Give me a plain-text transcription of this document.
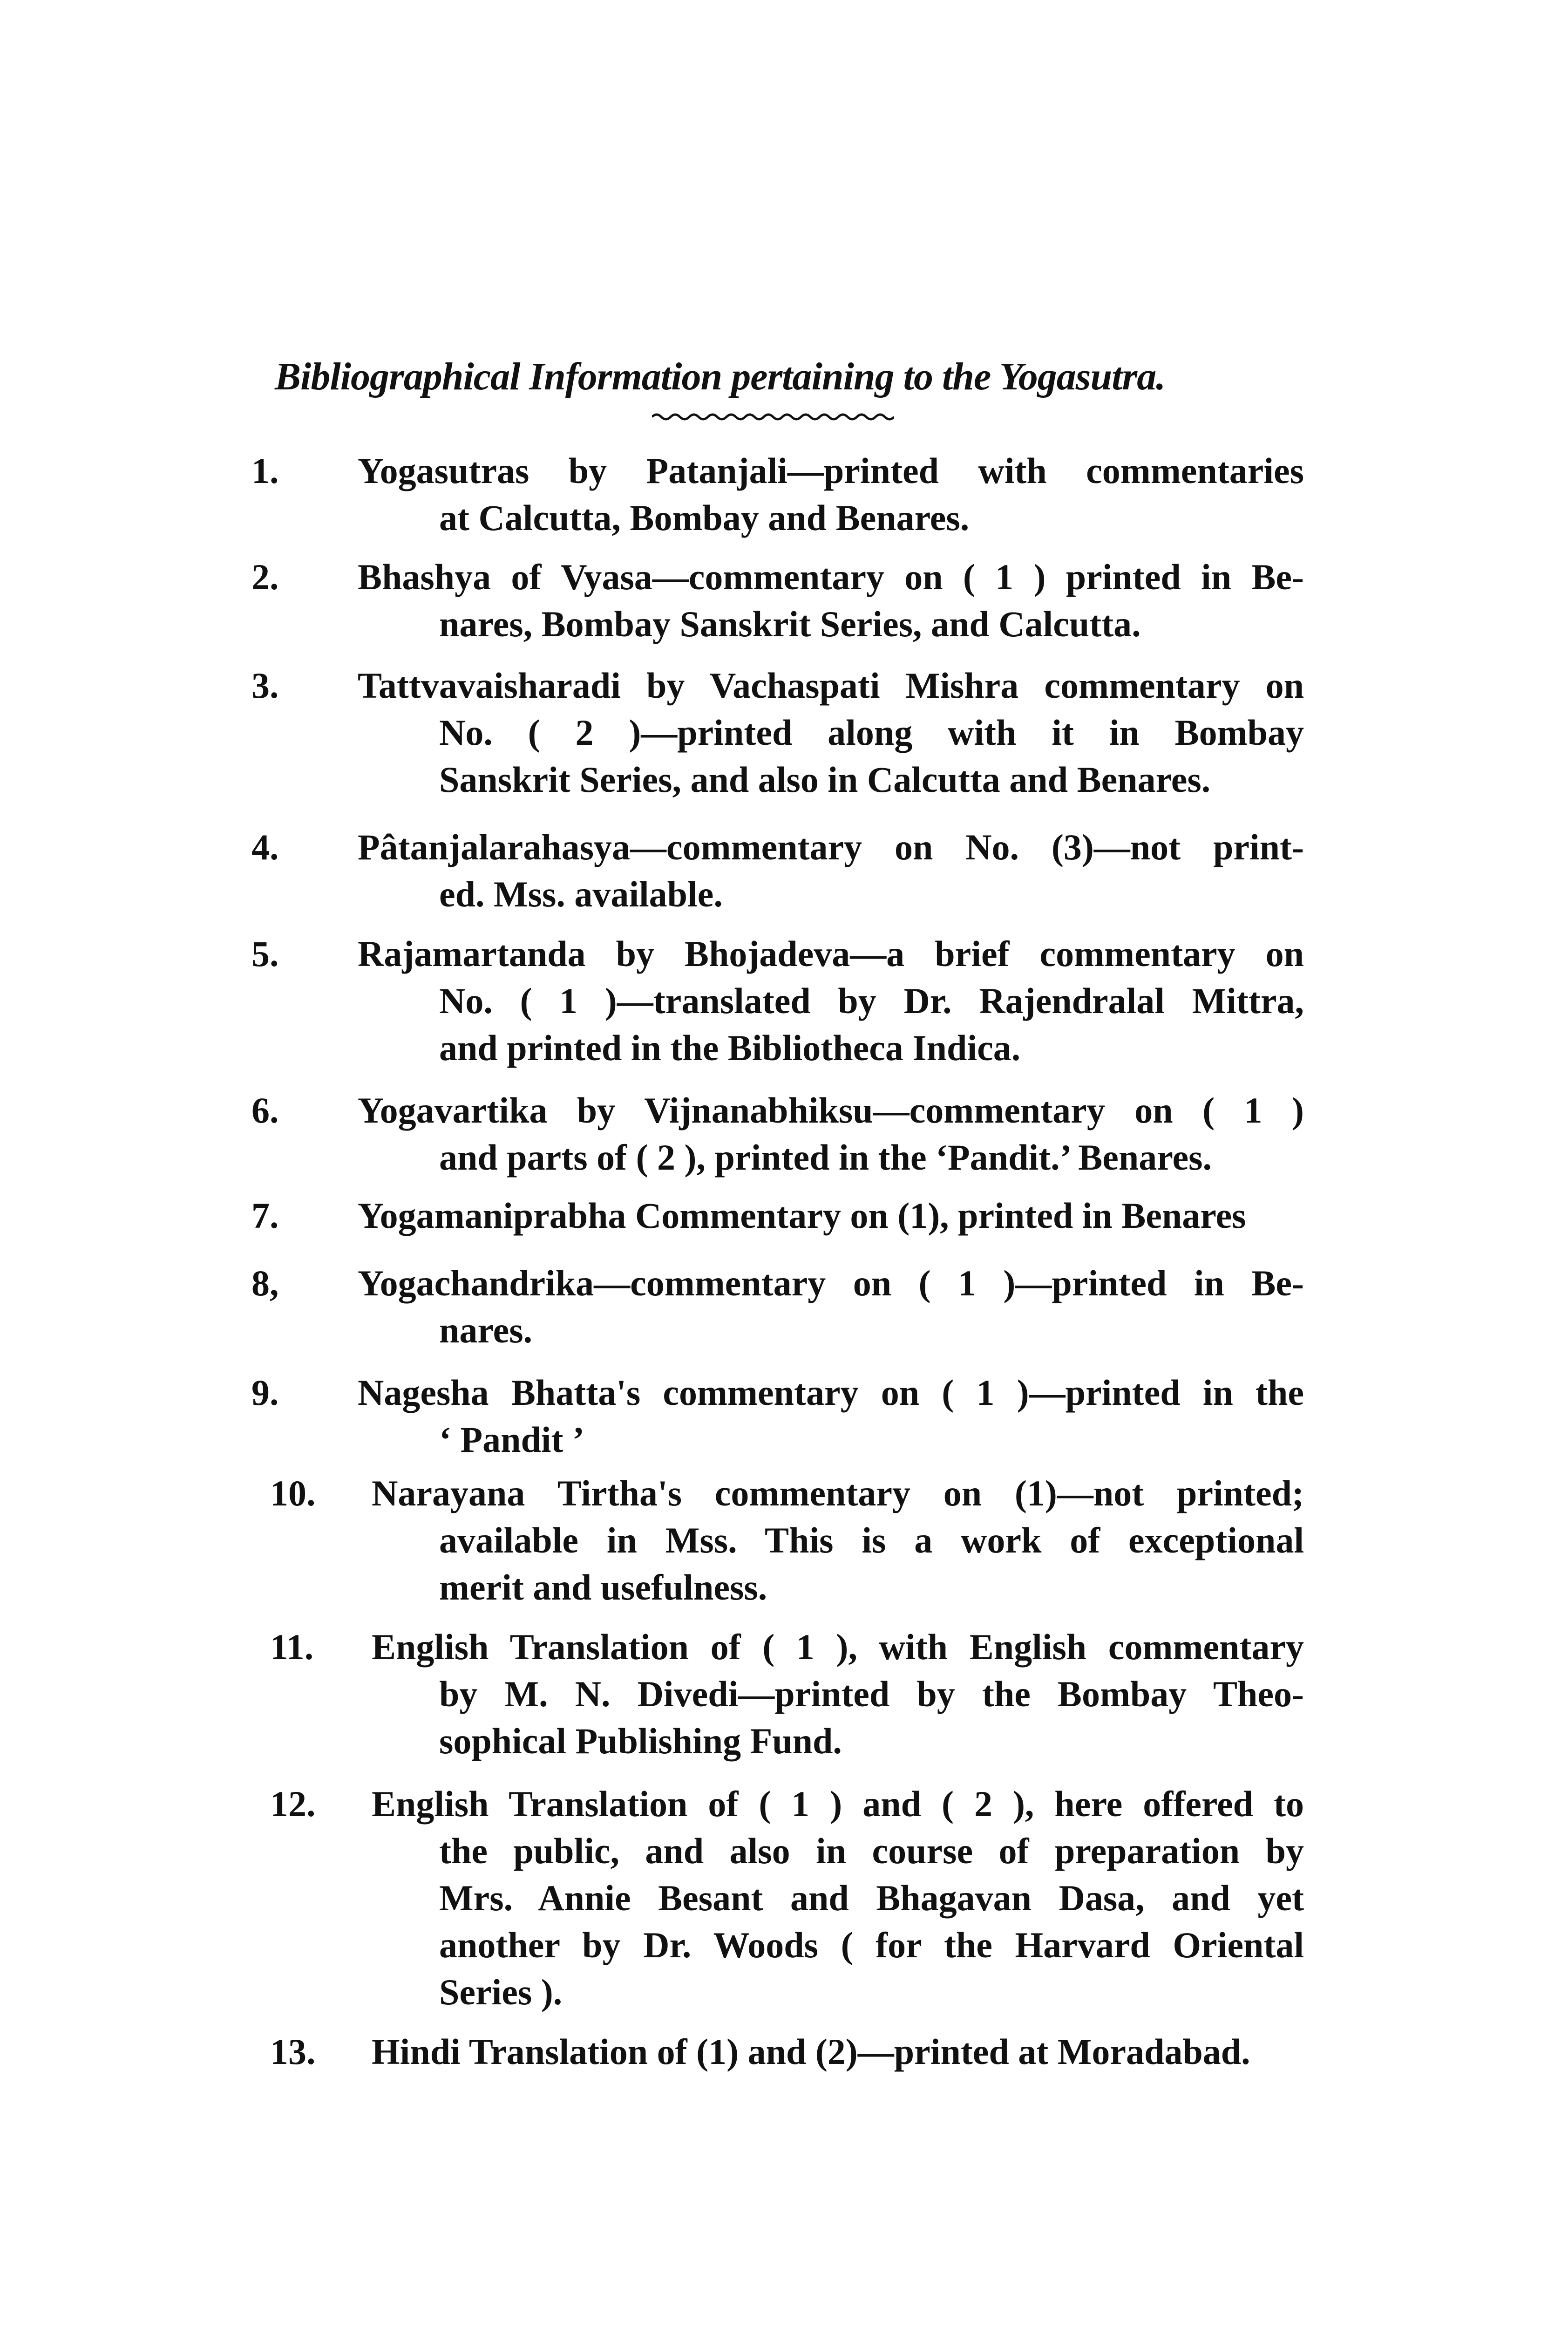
Bibliographical Information pertaining to the Yogasutra.
1. Yogasutras by Patanjali—printed with commentaries
at Calcutta, Bombay and Benares.
2. Bhashya of Vyasa—commentary on ( 1 ) printed in Be-
nares, Bombay Sanskrit Series, and Calcutta.
3. Tattvavaisharadi by Vachaspati Mishra commentary on
No. ( 2 )—printed along with it in Bombay
Sanskrit Series, and also in Calcutta and Benares.
4. Pâtanjalarahasya—commentary on No. (3)—not print-
ed. Mss. available.
5. Rajamartanda by Bhojadeva—a brief commentary on
No. ( 1 )—translated by Dr. Rajendralal Mittra,
and printed in the Bibliotheca Indica.
6. Yogavartika by Vijnanabhiksu—commentary on ( 1 )
and parts of ( 2 ), printed in the ‘Pandit.’ Benares.
7. Yogamaniprabha Commentary on (1), printed in Benares
8, Yogachandrika—commentary on ( 1 )—printed in Be-
nares.
9. Nagesha Bhatta's commentary on ( 1 )—printed in the
‘ Pandit ’
10. Narayana Tirtha's commentary on (1)—not printed;
available in Mss. This is a work of exceptional
merit and usefulness.
11. English Translation of ( 1 ), with English commentary
by M. N. Divedi—printed by the Bombay Theo-
sophical Publishing Fund.
12. English Translation of ( 1 ) and ( 2 ), here offered to
the public, and also in course of preparation by
Mrs. Annie Besant and Bhagavan Dasa, and yet
another by Dr. Woods ( for the Harvard Oriental
Series ).
13. Hindi Translation of (1) and (2)—printed at Moradabad.
